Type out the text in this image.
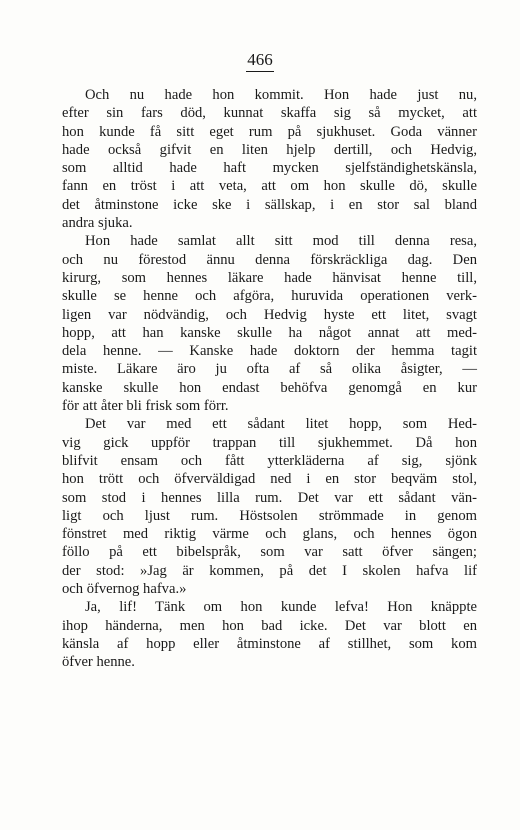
466
Och nu hade hon kommit. Hon hade just nu,
efter sin fars död, kunnat skaffa sig så mycket, att
hon kunde få sitt eget rum på sjukhuset. Goda vänner
hade också gifvit en liten hjelp dertill, och Hedvig,
som alltid hade haft mycken sjelfständighetskänsla,
fann en tröst i att veta, att om hon skulle dö, skulle
det åtminstone icke ske i sällskap, i en stor sal bland
andra sjuka.
Hon hade samlat allt sitt mod till denna resa,
och nu förestod ännu denna förskräckliga dag. Den
kirurg, som hennes läkare hade hänvisat henne till,
skulle se henne och afgöra, huruvida operationen verk-
ligen var nödvändig, och Hedvig hyste ett litet, svagt
hopp, att han kanske skulle ha något annat att med-
dela henne. — Kanske hade doktorn der hemma tagit
miste. Läkare äro ju ofta af så olika åsigter, —
kanske skulle hon endast behöfva genomgå en kur
för att åter bli frisk som förr.
Det var med ett sådant litet hopp, som Hed-
vig gick uppför trappan till sjukhemmet. Då hon
blifvit ensam och fått ytterkläderna af sig, sjönk
hon trött och öfverväldigad ned i en stor beqväm stol,
som stod i hennes lilla rum. Det var ett sådant vän-
ligt och ljust rum. Höstsolen strömmade in genom
fönstret med riktig värme och glans, och hennes ögon
föllo på ett bibelspråk, som var satt öfver sängen;
der stod: »Jag är kommen, på det I skolen hafva lif
och öfvernog hafva.»
Ja, lif! Tänk om hon kunde lefva! Hon knäppte
ihop händerna, men hon bad icke. Det var blott en
känsla af hopp eller åtminstone af stillhet, som kom
öfver henne.
